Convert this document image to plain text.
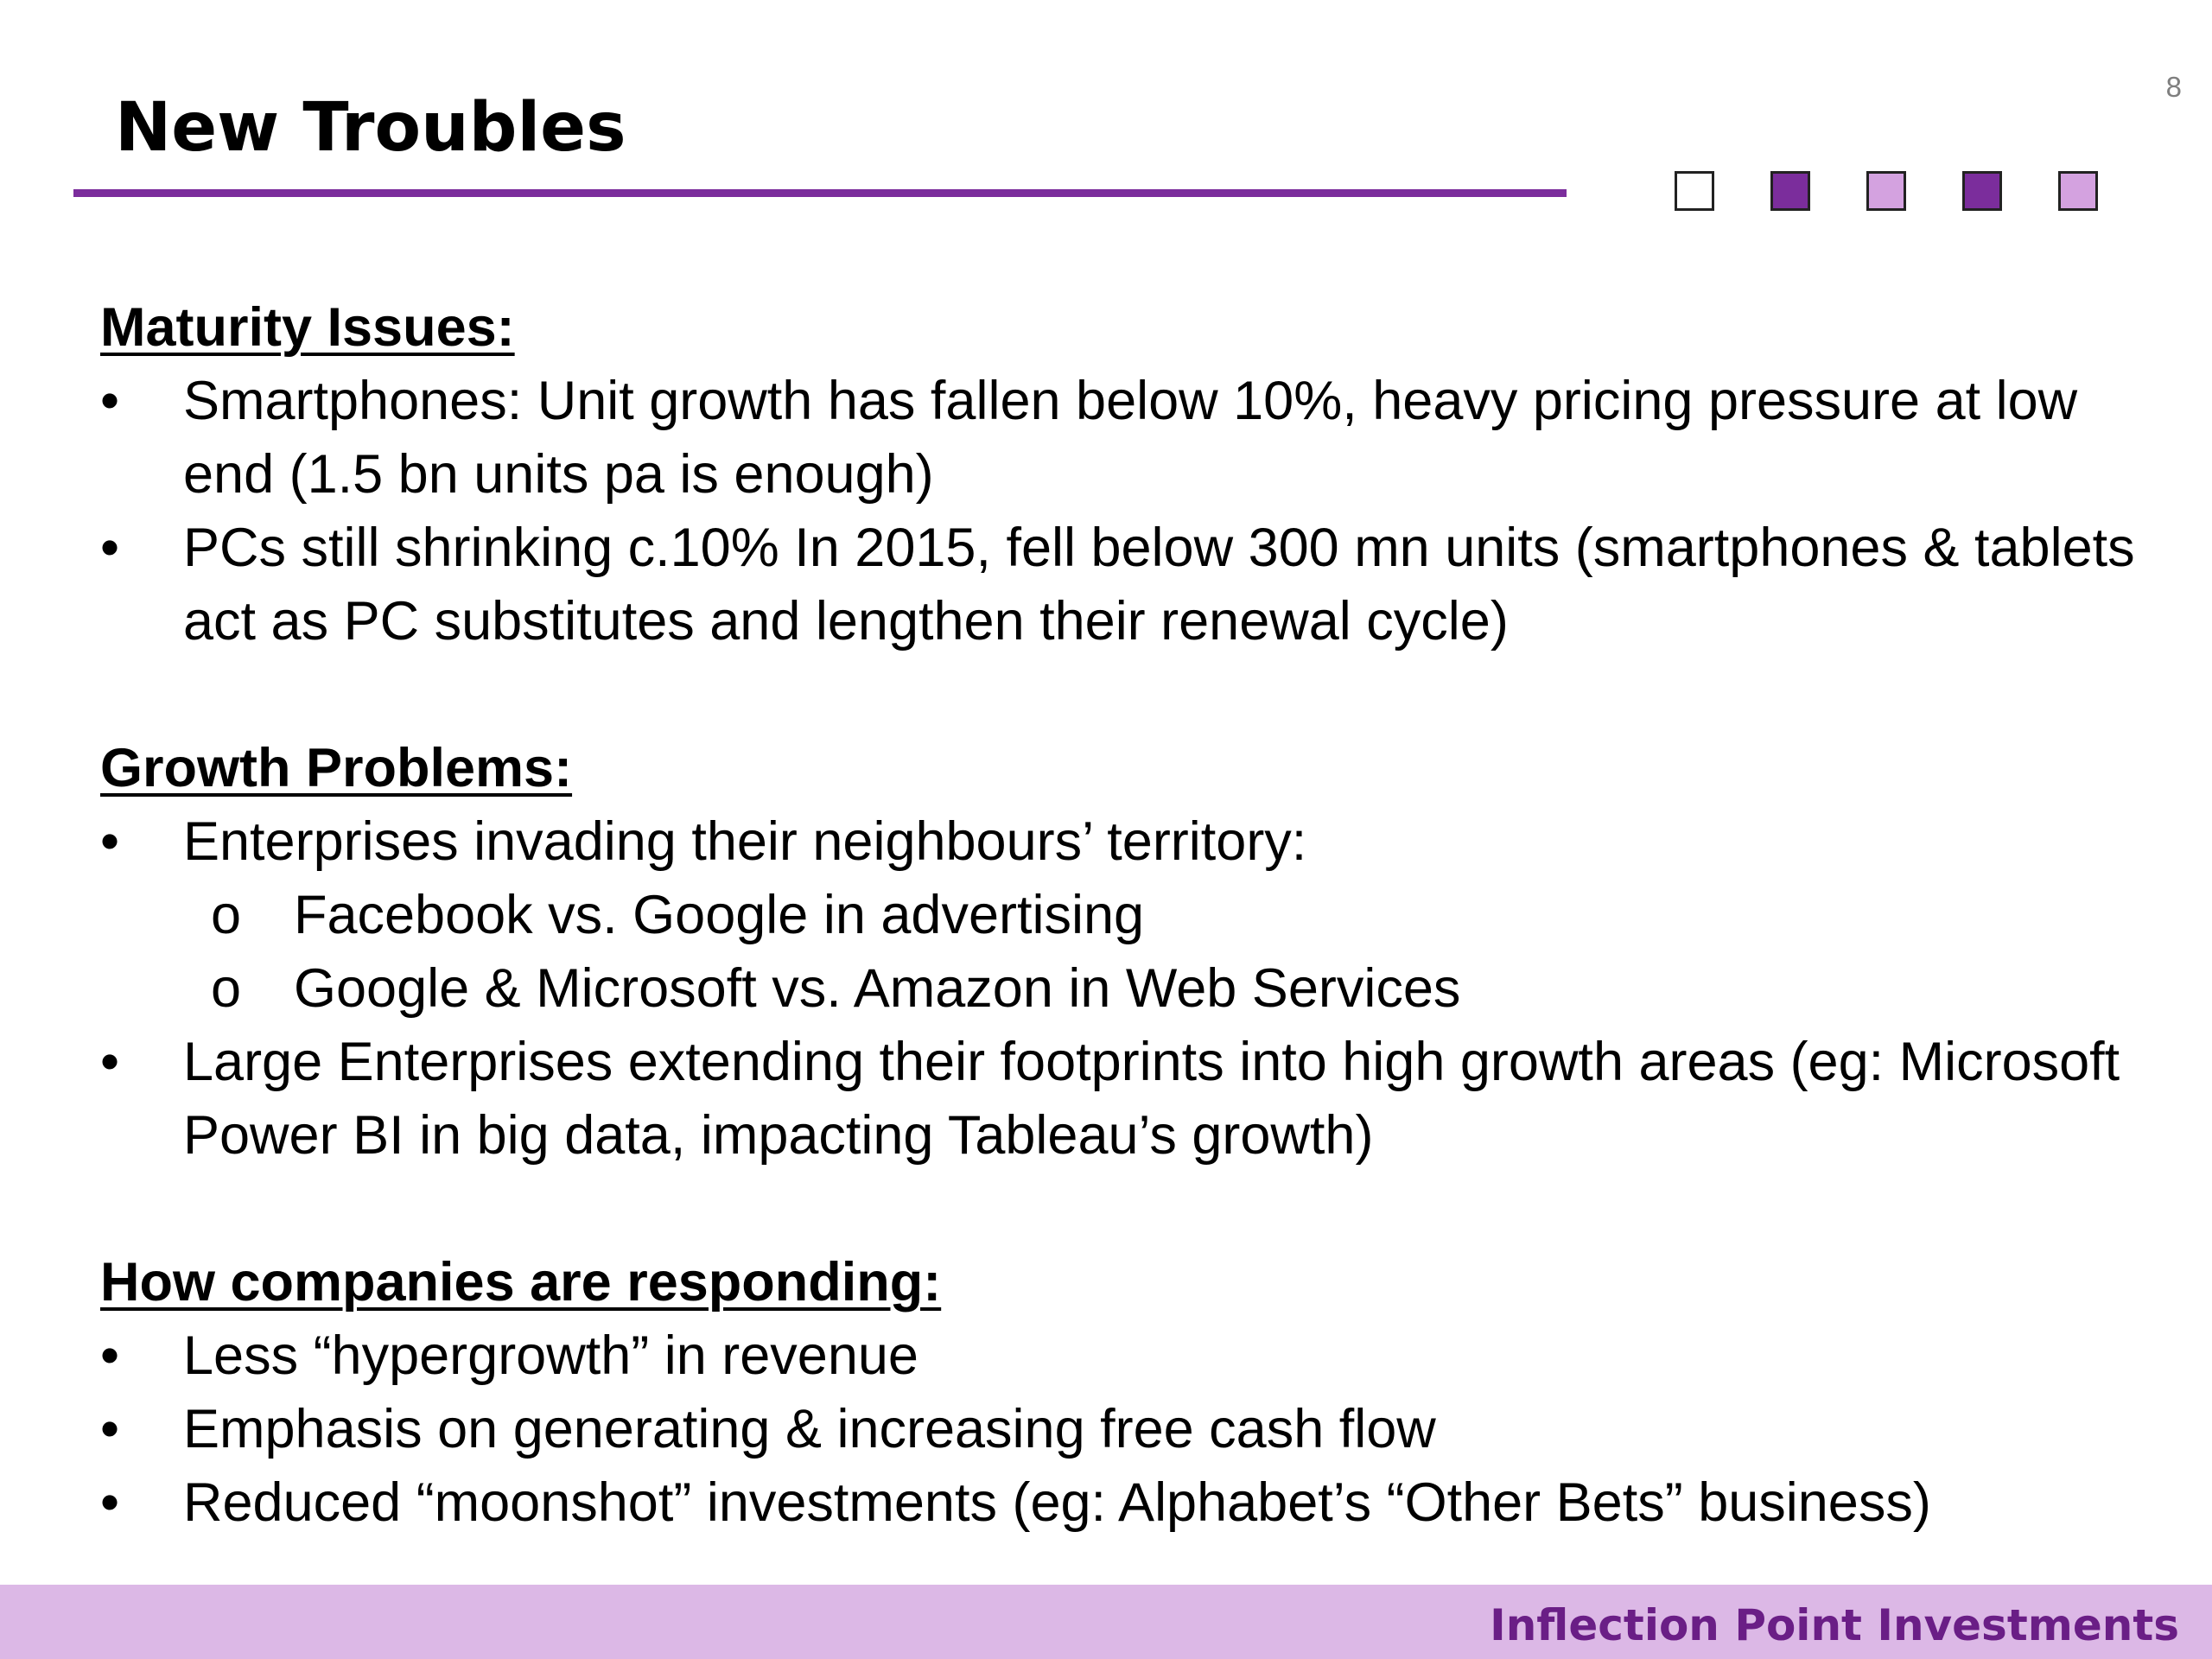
New Troubles
8
Maturity Issues:
• Smartphones: Unit growth has fallen below 10%, heavy pricing pressure at low end (1.5 bn units pa is enough)
• PCs still shrinking c.10% In 2015, fell below 300 mn units (smartphones & tablets act as PC substitutes and lengthen their renewal cycle)
Growth Problems:
• Enterprises invading their neighbours’ territory:
o Facebook vs. Google in advertising
o Google & Microsoft vs. Amazon in Web Services
• Large Enterprises extending their footprints into high growth areas (eg: Microsoft Power BI in big data, impacting Tableau’s growth)
How companies are responding:
• Less “hypergrowth” in revenue
• Emphasis on generating & increasing free cash flow
• Reduced “moonshot” investments (eg: Alphabet’s “Other Bets” business)
Inflection Point Investments
